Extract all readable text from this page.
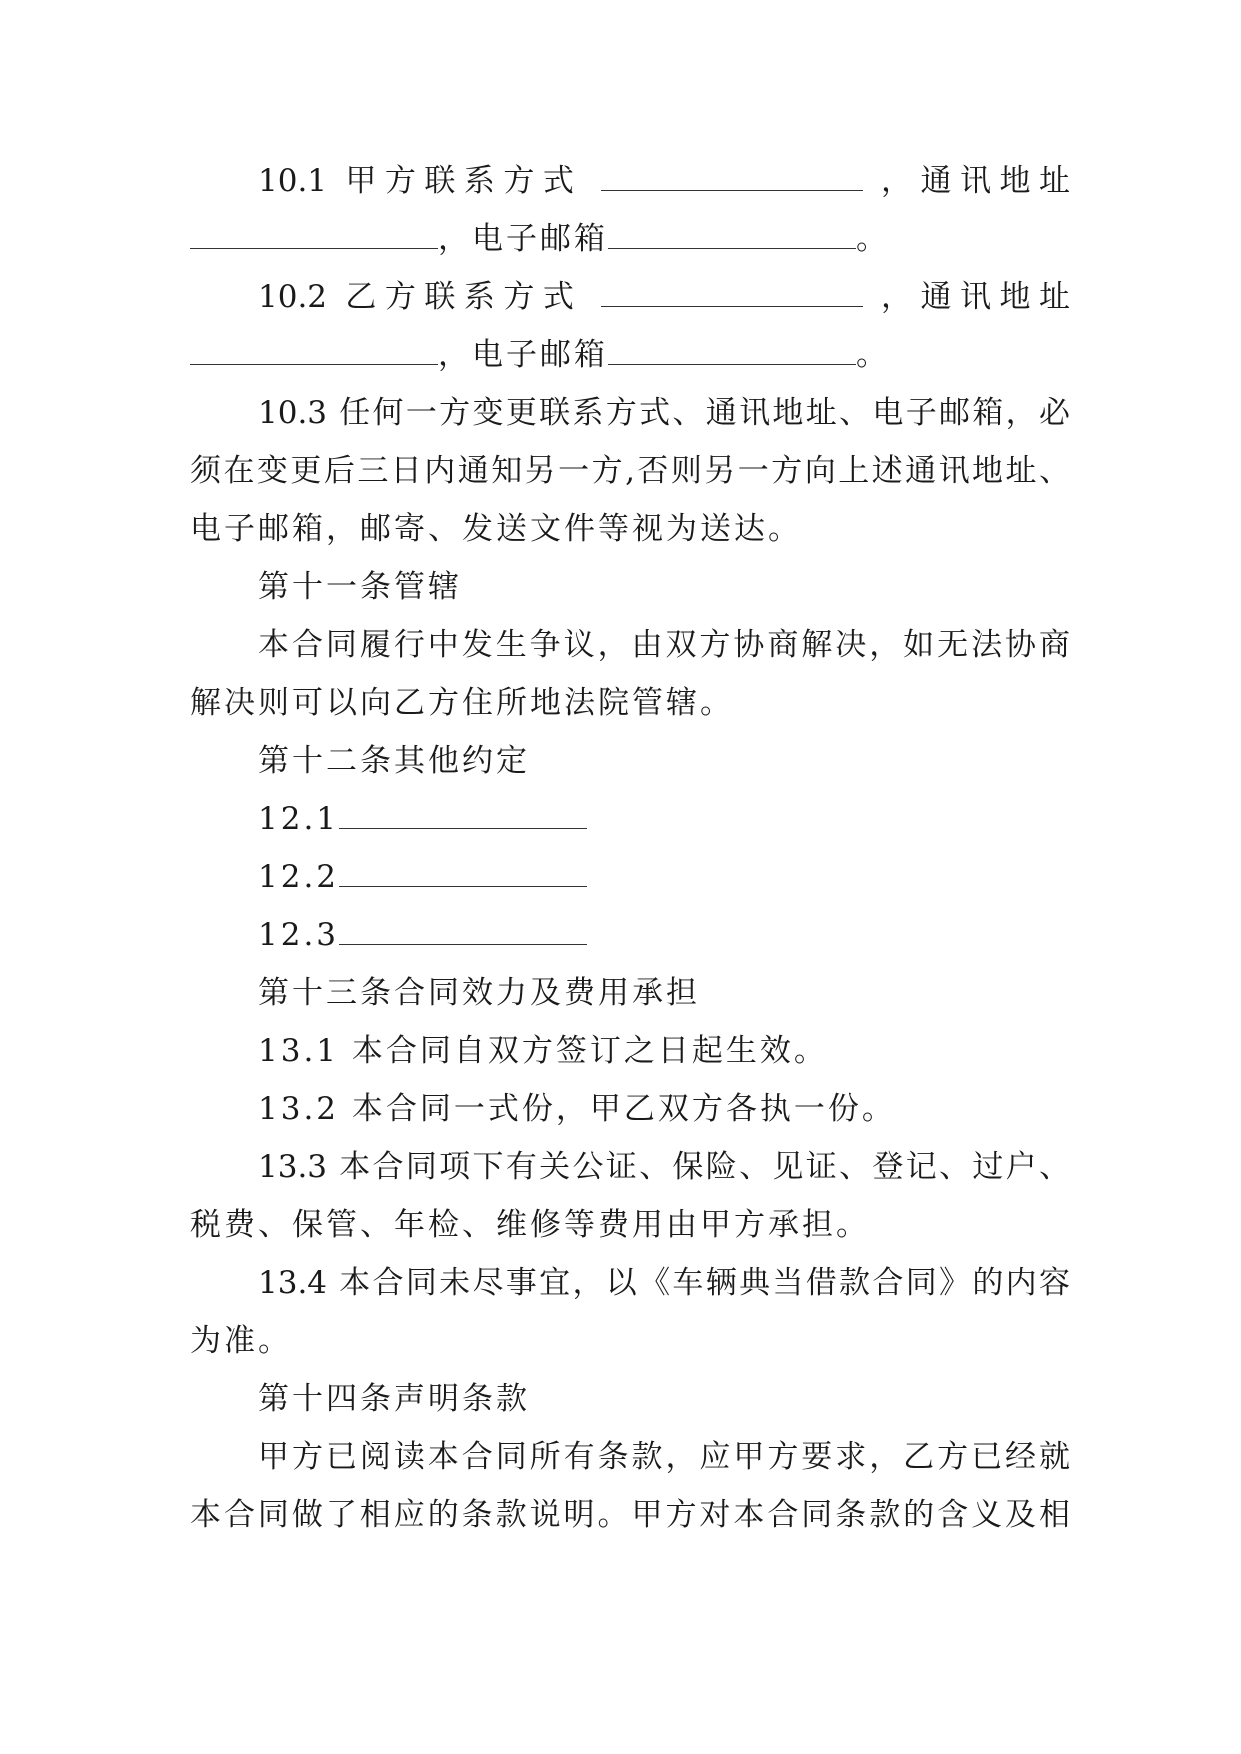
10.1 甲方联系方式	，通讯地址
，电子邮箱	。
10.2 乙方联系方式	，通讯地址
，电子邮箱	。
10.3 任何一方变更联系方式、通讯地址、电子邮箱，必
须在变更后三日内通知另一方,否则另一方向上述通讯地址、
电子邮箱，邮寄、发送文件等视为送达。
第十一条管辖
本合同履行中发生争议，由双方协商解决，如无法协商
解决则可以向乙方住所地法院管辖。
第十二条其他约定
12.1
12.2
12.3
第十三条合同效力及费用承担
13.1 本合同自双方签订之日起生效。
13.2 本合同一式份，甲乙双方各执一份。
13.3 本合同项下有关公证、保险、见证、登记、过户、
税费、保管、年检、维修等费用由甲方承担。
13.4 本合同未尽事宜，以《车辆典当借款合同》的内容
为准。
第十四条声明条款
甲方已阅读本合同所有条款，应甲方要求，乙方已经就
本合同做了相应的条款说明。甲方对本合同条款的含义及相
